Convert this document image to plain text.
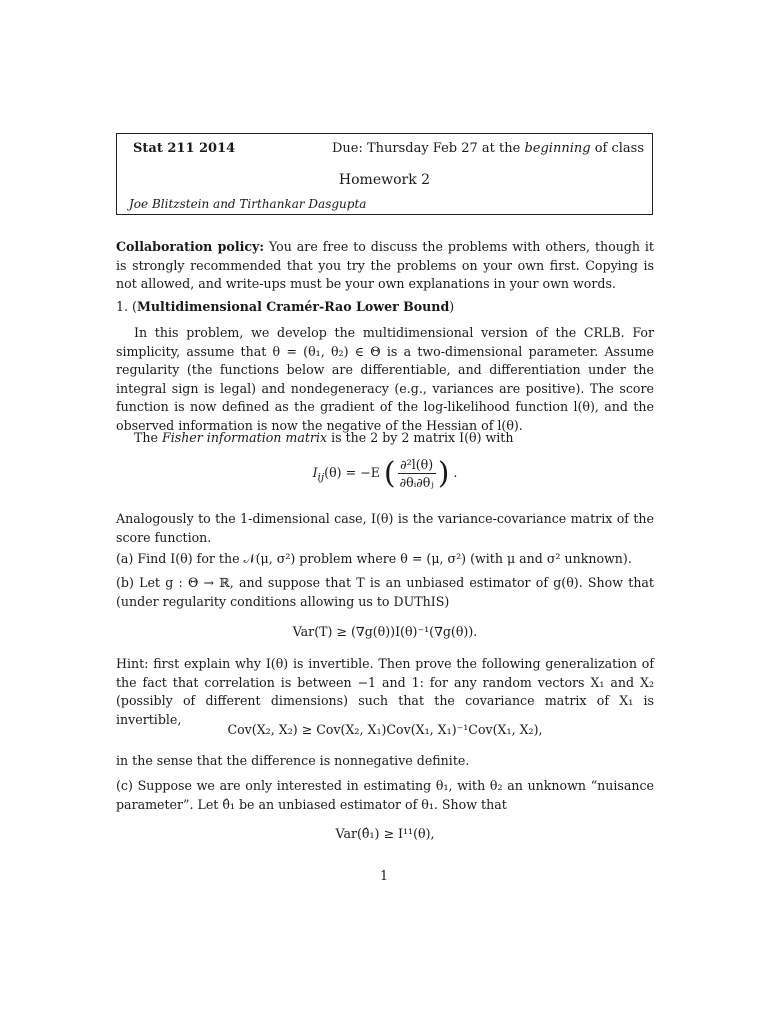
Stat 211 2014	Due: Thursday Feb 27 at the beginning of class
Homework 2
Joe Blitzstein and Tirthankar Dasgupta

Collaboration policy: You are free to discuss the problems with others, though it is strongly recommended that you try the problems on your own first. Copying is not allowed, and write-ups must be your own explanations in your own words.

1. (Multidimensional Cramér-Rao Lower Bound)

In this problem, we develop the multidimensional version of the CRLB. For simplicity, assume that θ = (θ₁, θ₂) ∈ Θ is a two-dimensional parameter. Assume regularity (the functions below are differentiable, and differentiation under the integral sign is legal) and nondegeneracy (e.g., variances are positive). The score function is now defined as the gradient of the log-likelihood function l(θ), and the observed information is now the negative of the Hessian of l(θ).

The Fisher information matrix is the 2 by 2 matrix I(θ) with

$I_{ij}(\theta) = -E$ ( $\frac{\text{∂²l(θ)}}{\text{∂θᵢ∂θⱼ}}$ ) .

Analogously to the 1-dimensional case, I(θ) is the variance-covariance matrix of the score function.

(a) Find I(θ) for the 𝒩(μ, σ²) problem where θ = (μ, σ²) (with μ and σ² unknown).

(b) Let g : Θ → ℝ, and suppose that T is an unbiased estimator of g(θ). Show that (under regularity conditions allowing us to DUThIS)

Var(T) ≥ (∇g(θ))I(θ)⁻¹(∇g(θ)).

Hint: first explain why I(θ) is invertible. Then prove the following generalization of the fact that correlation is between −1 and 1: for any random vectors X₁ and X₂ (possibly of different dimensions) such that the covariance matrix of X₁ is invertible,

Cov(X₂, X₂) ≥ Cov(X₂, X₁)Cov(X₁, X₁)⁻¹Cov(X₁, X₂),

in the sense that the difference is nonnegative definite.

(c) Suppose we are only interested in estimating θ₁, with θ₂ an unknown “nuisance parameter”. Let θ̂₁ be an unbiased estimator of θ₁. Show that

Var(θ̂₁) ≥ I¹¹(θ),
1
